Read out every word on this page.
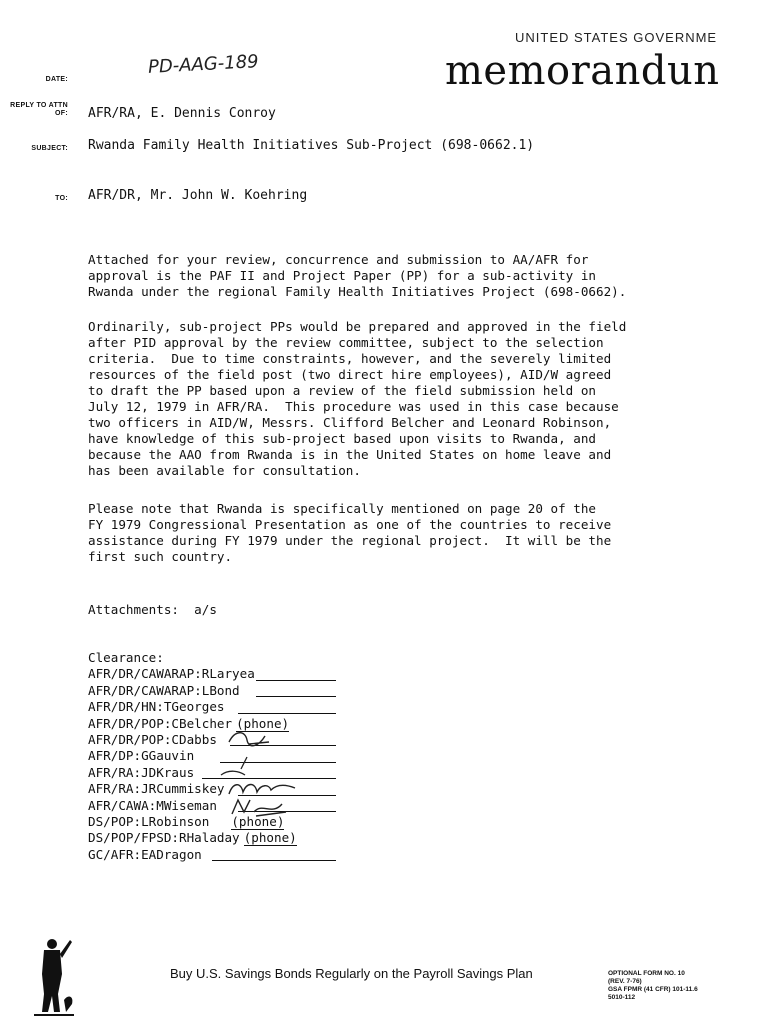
UNITED STATES GOVERNME
memorandun
PD-AAG-189
DATE:
REPLY TO ATTN OF: AFR/RA, E. Dennis Conroy
SUBJECT: Rwanda Family Health Initiatives Sub-Project (698-0662.1)
TO: AFR/DR, Mr. John W. Koehring
Attached for your review, concurrence and submission to AA/AFR for
approval is the PAF II and Project Paper (PP) for a sub-activity in
Rwanda under the regional Family Health Initiatives Project (698-0662).
Ordinarily, sub-project PPs would be prepared and approved in the field
after PID approval by the review committee, subject to the selection
criteria.  Due to time constraints, however, and the severely limited
resources of the field post (two direct hire employees), AID/W agreed
to draft the PP based upon a review of the field submission held on
July 12, 1979 in AFR/RA.  This procedure was used in this case because
two officers in AID/W, Messrs. Clifford Belcher and Leonard Robinson,
have knowledge of this sub-project based upon visits to Rwanda, and
because the AAO from Rwanda is in the United States on home leave and
has been available for consultation.
Please note that Rwanda is specifically mentioned on page 20 of the
FY 1979 Congressional Presentation as one of the countries to receive
assistance during FY 1979 under the regional project.  It will be the
first such country.
Attachments:  a/s
Clearance:
AFR/DR/CAWARAP:RLaryea
AFR/DR/CAWARAP:LBond
AFR/DR/HN:TGeorges
AFR/DR/POP:CBelcher (phone)
AFR/DR/POP:CDabbs
AFR/DP:GGauvin
AFR/RA:JDKraus
AFR/RA:JRCummiskey
AFR/CAWA:MWiseman
DS/POP:LRobinson (phone)
DS/POP/FPSD:RHaladay (phone)
GC/AFR:EADragon
Buy U.S. Savings Bonds Regularly on the Payroll Savings Plan	OPTIONAL FORM NO. 10
(REV. 7-76)
GSA FPMR (41 CFR) 101-11.6
5010-112
